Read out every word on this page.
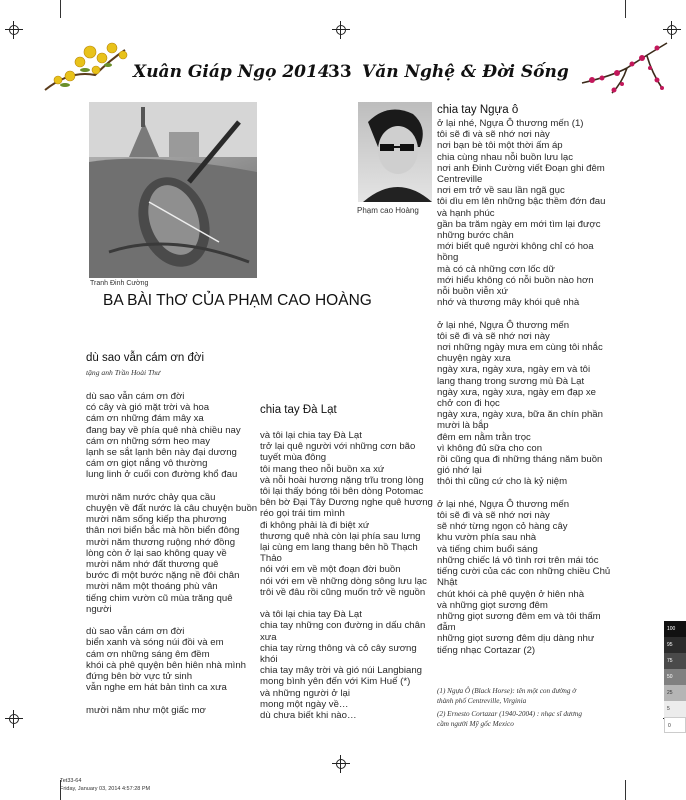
Xuân Giáp Ngọ 2014
33 Văn Nghệ & Đời Sống
Tranh Đinh Cường
Phạm cao Hoàng
BA BÀI ThƠ CỦA PHẠM CAO HOÀNG
dù sao vẫn cám ơn đời
tặng anh Trần Hoài Thư
dù sao vẫn cám ơn đời
có cây và gió mặt trời và hoa
cám ơn những đám mây xa
đang bay về phía quê nhà chiều nay
cám ơn những sớm heo may
lạnh se sắt lạnh bên này đại dương
cám ơn giọt nắng vô thường
lung linh ở cuối con đường khổ đau
mười năm nước chảy qua cầu
chuyện về đất nước là câu chuyện buồn
mười năm sống kiếp tha phương
thân nơi biển bắc mà hồn biển đông
mười năm thương ruộng nhớ đồng
lòng còn ở lại sao không quay về
mười năm nhớ đất thương quê
bước đi một bước nặng nề đôi chân
mười năm một thoáng phù vân
tiếng chim vườn cũ mùa trăng quê
người
dù sao vẫn cám ơn đời
biển xanh và sóng núi đồi và em
cám ơn những sáng êm đềm
khói cà phê quyện bên hiên nhà mình
đứng bên bờ vực tử sinh
vẫn nghe em hát bản tình ca xưa
mười năm như một giấc mơ
chia tay Đà Lạt
và tôi lại chia tay Đà Lạt
trở lại quê người với những cơn bão
tuyết mùa đông
tôi mang theo nỗi buồn xa xứ
và nỗi hoài hương nặng trĩu trong lòng
tôi lại thấy bóng tôi bên dòng Potomac
bên bờ Đại Tây Dương nghe quê hương
réo gọi trái tim mình
đi không phải là đi biệt xứ
thương quê nhà còn lại phía sau lưng
lại cùng em lang thang bên hồ Thạch
Thảo
nói với em về một đoạn đời buồn
nói với em về những dòng sông lưu lạc
trôi về đâu rồi cũng muốn trở về nguồn
và tôi lại chia tay Đà Lạt
chia tay những con đường in dấu chân
xưa
chia tay rừng thông và cỏ cây sương
khói
chia tay mây trời và gió núi Langbiang
mong bình yên đến với Kim Huế (*)
và những người ở lại
mong một ngày về…
dù chưa biết khi nào…
chia tay Ngựa ô
ở lại nhé, Ngựa Ô thương mến (1)
tôi sẽ đi và sẽ nhớ nơi này
nơi bạn bè tôi một thời ấm áp
chia cùng nhau nỗi buồn lưu lạc
nơi anh Đinh Cường viết Đoạn ghi đêm
Centreville
nơi em trở về sau lần ngã gục
tôi dìu em lên những bậc thềm đớn đau
và hạnh phúc
gần ba trăm ngày em mới tìm lại được
những bước chân
mới biết quê người không chỉ có hoa
hồng
mà có cả những cơn lốc dữ
mới hiểu không có nỗi buồn nào hơn
nỗi buồn viễn xứ
nhớ và thương mây khói quê nhà
ở lại nhé, Ngựa Ô thương mến
tôi sẽ đi và sẽ nhớ nơi này
nơi những ngày mưa em cùng tôi nhắc
chuyện ngày xưa
ngày xưa, ngày xưa, ngày em và tôi
lang thang trong sương mù Đà Lạt
ngày xưa, ngày xưa, ngày em đạp xe
chở con đi học
ngày xưa, ngày xưa, bữa ăn chín phần
mười là bắp
đêm em nằm trằn trọc
vì không đủ sữa cho con
rồi cũng qua đi những tháng năm buồn
gió nhớ lại
thôi thì cũng cứ cho là kỷ niệm
ở lại nhé, Ngựa Ô thương mến
tôi sẽ đi và sẽ nhớ nơi này
sẽ nhớ từng ngọn cỏ hàng cây
khu vườn phía sau nhà
và tiếng chim buổi sáng
những chiếc lá vô tình rơi trên mái tóc
tiếng cười của các con những chiều Chủ
Nhật
chút khói cà phê quyện ở hiên nhà
và những giọt sương đêm
những giọt sương đêm em và tôi thấm
đẫm
những giọt sương đêm dịu dàng như
tiếng nhạc Cortazar (2)
(1) Ngựa Ô (Black Horse): tên một con đường ở
thành phố Centreville, Virginia
(2) Ernesto Cortazar (1940-2004) : nhạc sĩ dương
cầm người Mỹ gốc Mexico
100
95
75
50
25
5
0
Tet33-64
Friday, January 03, 2014 4:57:28 PM
